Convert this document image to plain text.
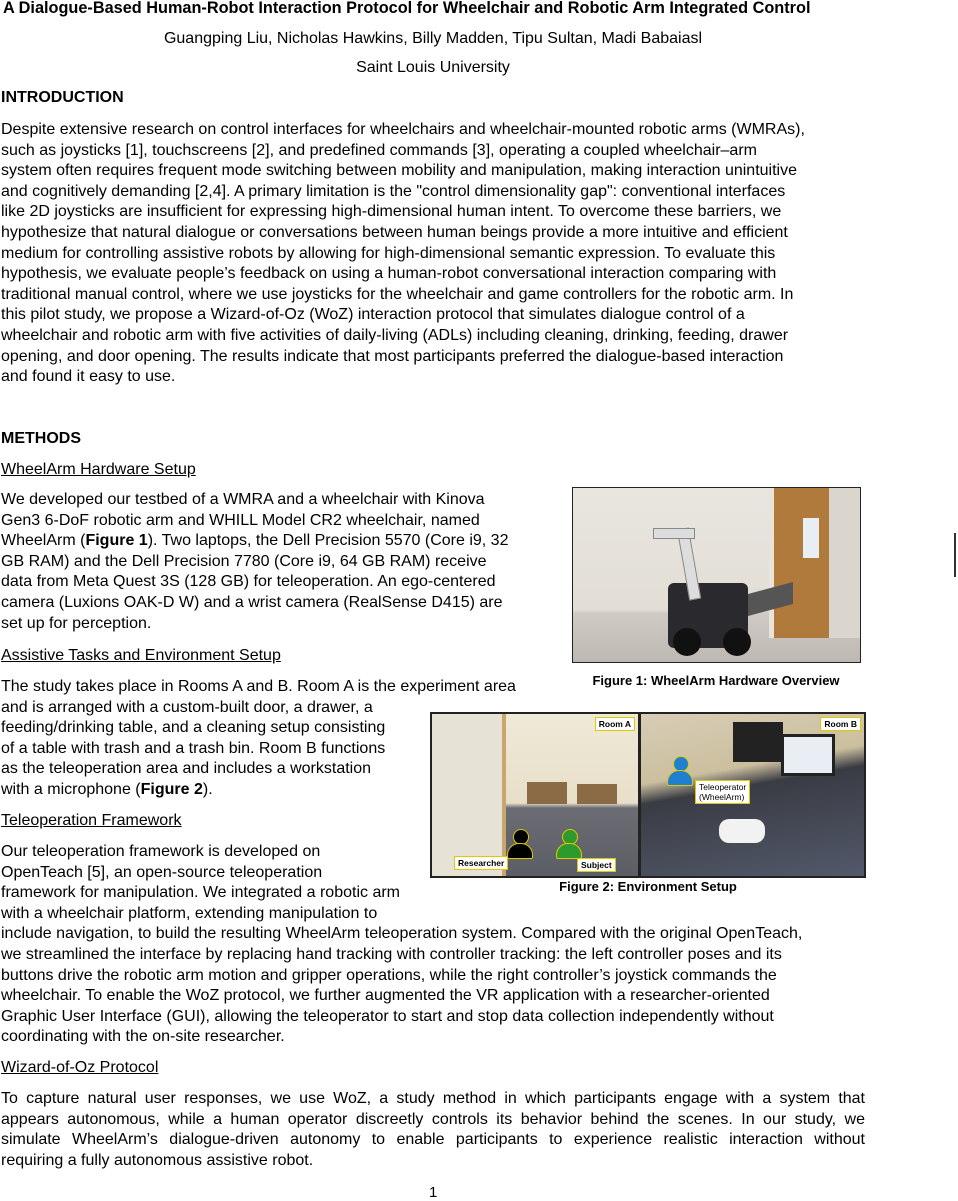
A Dialogue-Based Human-Robot Interaction Protocol for Wheelchair and Robotic Arm Integrated Control
Guangping Liu, Nicholas Hawkins, Billy Madden, Tipu Sultan, Madi Babaiasl
Saint Louis University
INTRODUCTION
Despite extensive research on control interfaces for wheelchairs and wheelchair-mounted robotic arms (WMRAs),
such as joysticks [1], touchscreens [2], and predefined commands [3], operating a coupled wheelchair–arm
system often requires frequent mode switching between mobility and manipulation, making interaction unintuitive
and cognitively demanding [2,4]. A primary limitation is the "control dimensionality gap": conventional interfaces
like 2D joysticks are insufficient for expressing high-dimensional human intent. To overcome these barriers, we
hypothesize that natural dialogue or conversations between human beings provide a more intuitive and efficient
medium for controlling assistive robots by allowing for high-dimensional semantic expression. To evaluate this
hypothesis, we evaluate people’s feedback on using a human-robot conversational interaction comparing with
traditional manual control, where we use joysticks for the wheelchair and game controllers for the robotic arm. In
this pilot study, we propose a Wizard-of-Oz (WoZ) interaction protocol that simulates dialogue control of a
wheelchair and robotic arm with five activities of daily-living (ADLs) including cleaning, drinking, feeding, drawer
opening, and door opening. The results indicate that most participants preferred the dialogue-based interaction
and found it easy to use.
METHODS
WheelArm Hardware Setup
We developed our testbed of a WMRA and a wheelchair with Kinova
Gen3 6-DoF robotic arm and WHILL Model CR2 wheelchair, named
WheelArm (Figure 1). Two laptops, the Dell Precision 5570 (Core i9, 32
GB RAM) and the Dell Precision 7780 (Core i9, 64 GB RAM) receive
data from Meta Quest 3S (128 GB) for teleoperation. An ego-centered
camera (Luxions OAK-D W) and a wrist camera (RealSense D415) are
set up for perception.
Assistive Tasks and Environment Setup
The study takes place in Rooms A and B. Room A is the experiment area
and is arranged with a custom-built door, a drawer, a
feeding/drinking table, and a cleaning setup consisting
of a table with trash and a trash bin. Room B functions
as the teleoperation area and includes a workstation
with a microphone (Figure 2).
Teleoperation Framework
Our teleoperation framework is developed on
OpenTeach [5], an open-source teleoperation
framework for manipulation. We integrated a robotic arm
with a wheelchair platform, extending manipulation to
include navigation, to build the resulting WheelArm teleoperation system. Compared with the original OpenTeach,
we streamlined the interface by replacing hand tracking with controller tracking: the left controller poses and its
buttons drive the robotic arm motion and gripper operations, while the right controller’s joystick commands the
wheelchair. To enable the WoZ protocol, we further augmented the VR application with a researcher-oriented
Graphic User Interface (GUI), allowing the teleoperator to start and stop data collection independently without
coordinating with the on-site researcher.
Wizard-of-Oz Protocol
To capture natural user responses, we use WoZ, a study method in which participants engage with a system that
appears autonomous, while a human operator discreetly controls its behavior behind the scenes. In our study, we
simulate WheelArm’s dialogue-driven autonomy to enable participants to experience realistic interaction without
requiring a fully autonomous assistive robot.
Figure 1: WheelArm Hardware Overview
Room A
Researcher	Subject
Room B
Teleoperator
(WheelArm)
Figure 2: Environment Setup
1
